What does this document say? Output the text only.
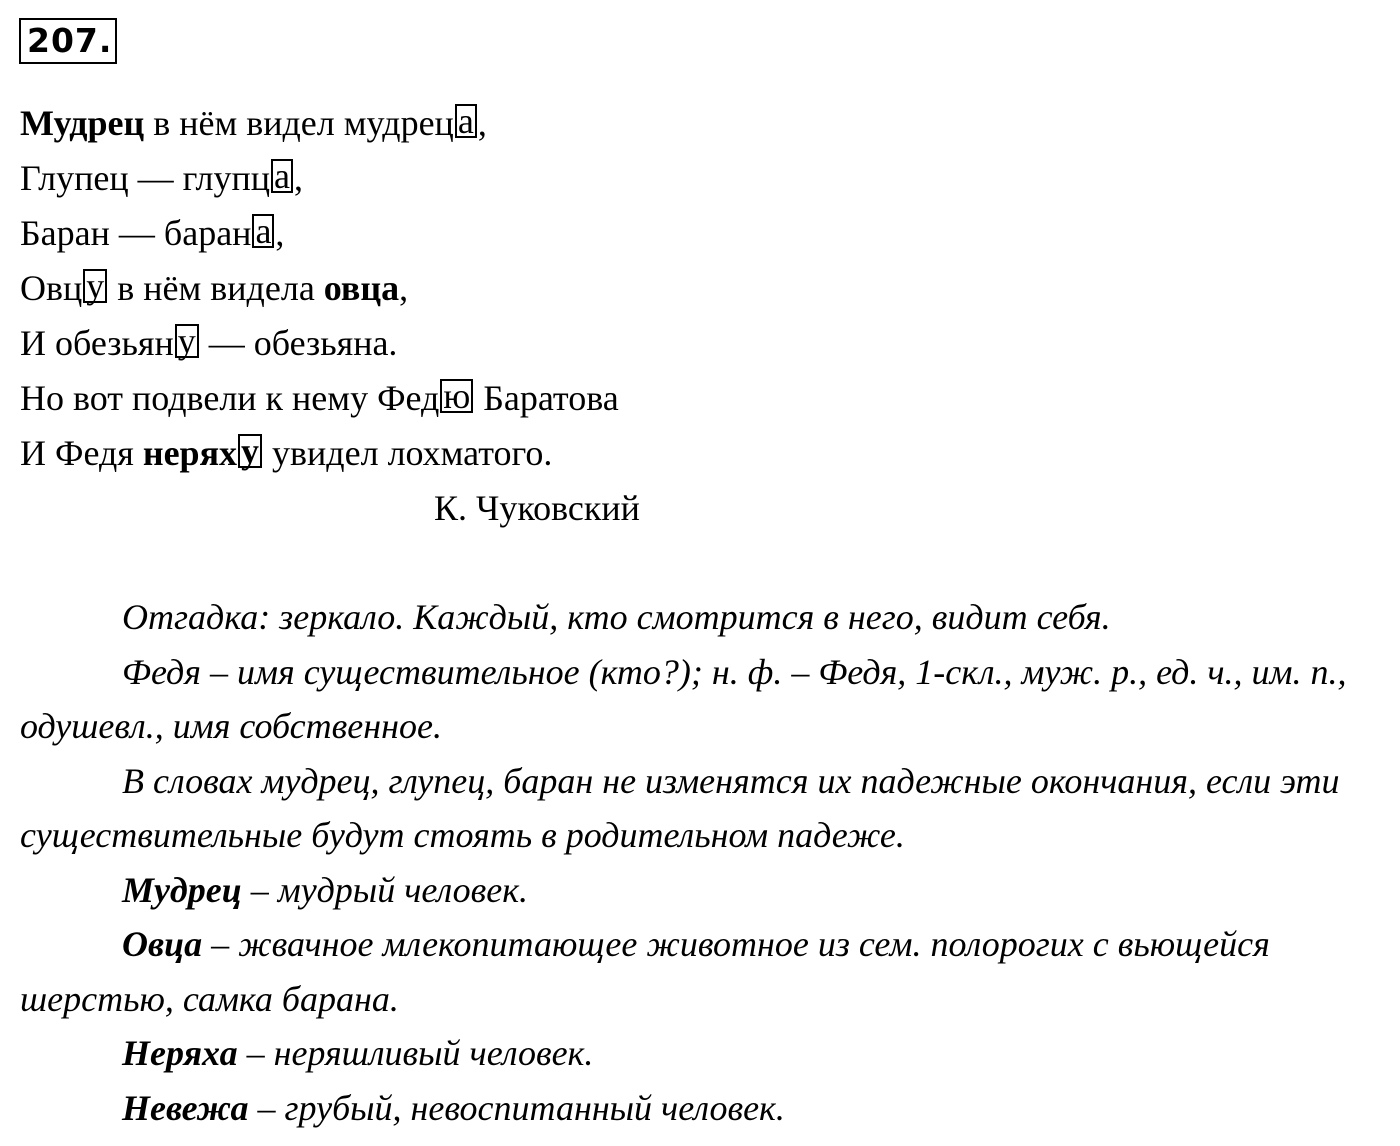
207.
Мудрец в нём видел мудрец а ,
Глупец — глупц а ,
Баран — баран а ,
Овц у в нём видела овца,
И обезьян у — обезьяна.
Но вот подвели к нему Фед ю Баратова
И Федя нерях у увидел лохматого.
К. Чуковский

Отгадка: зеркало. Каждый, кто смотрится в него, видит себя.

Федя – имя существительное (кто?); н. ф. – Федя, 1-скл., муж. р., ед. ч., им. п., одушевл., имя собственное.

В словах мудрец, глупец, баран не изменятся их падежные окончания, если эти существительные будут стоять в родительном падеже.

Мудрец – мудрый человек.

Овца – жвачное млекопитающее животное из сем. полорогих с вьющейся шерстью, самка барана.

Неряха – неряшливый человек.

Невежа – грубый, невоспитанный человек.
